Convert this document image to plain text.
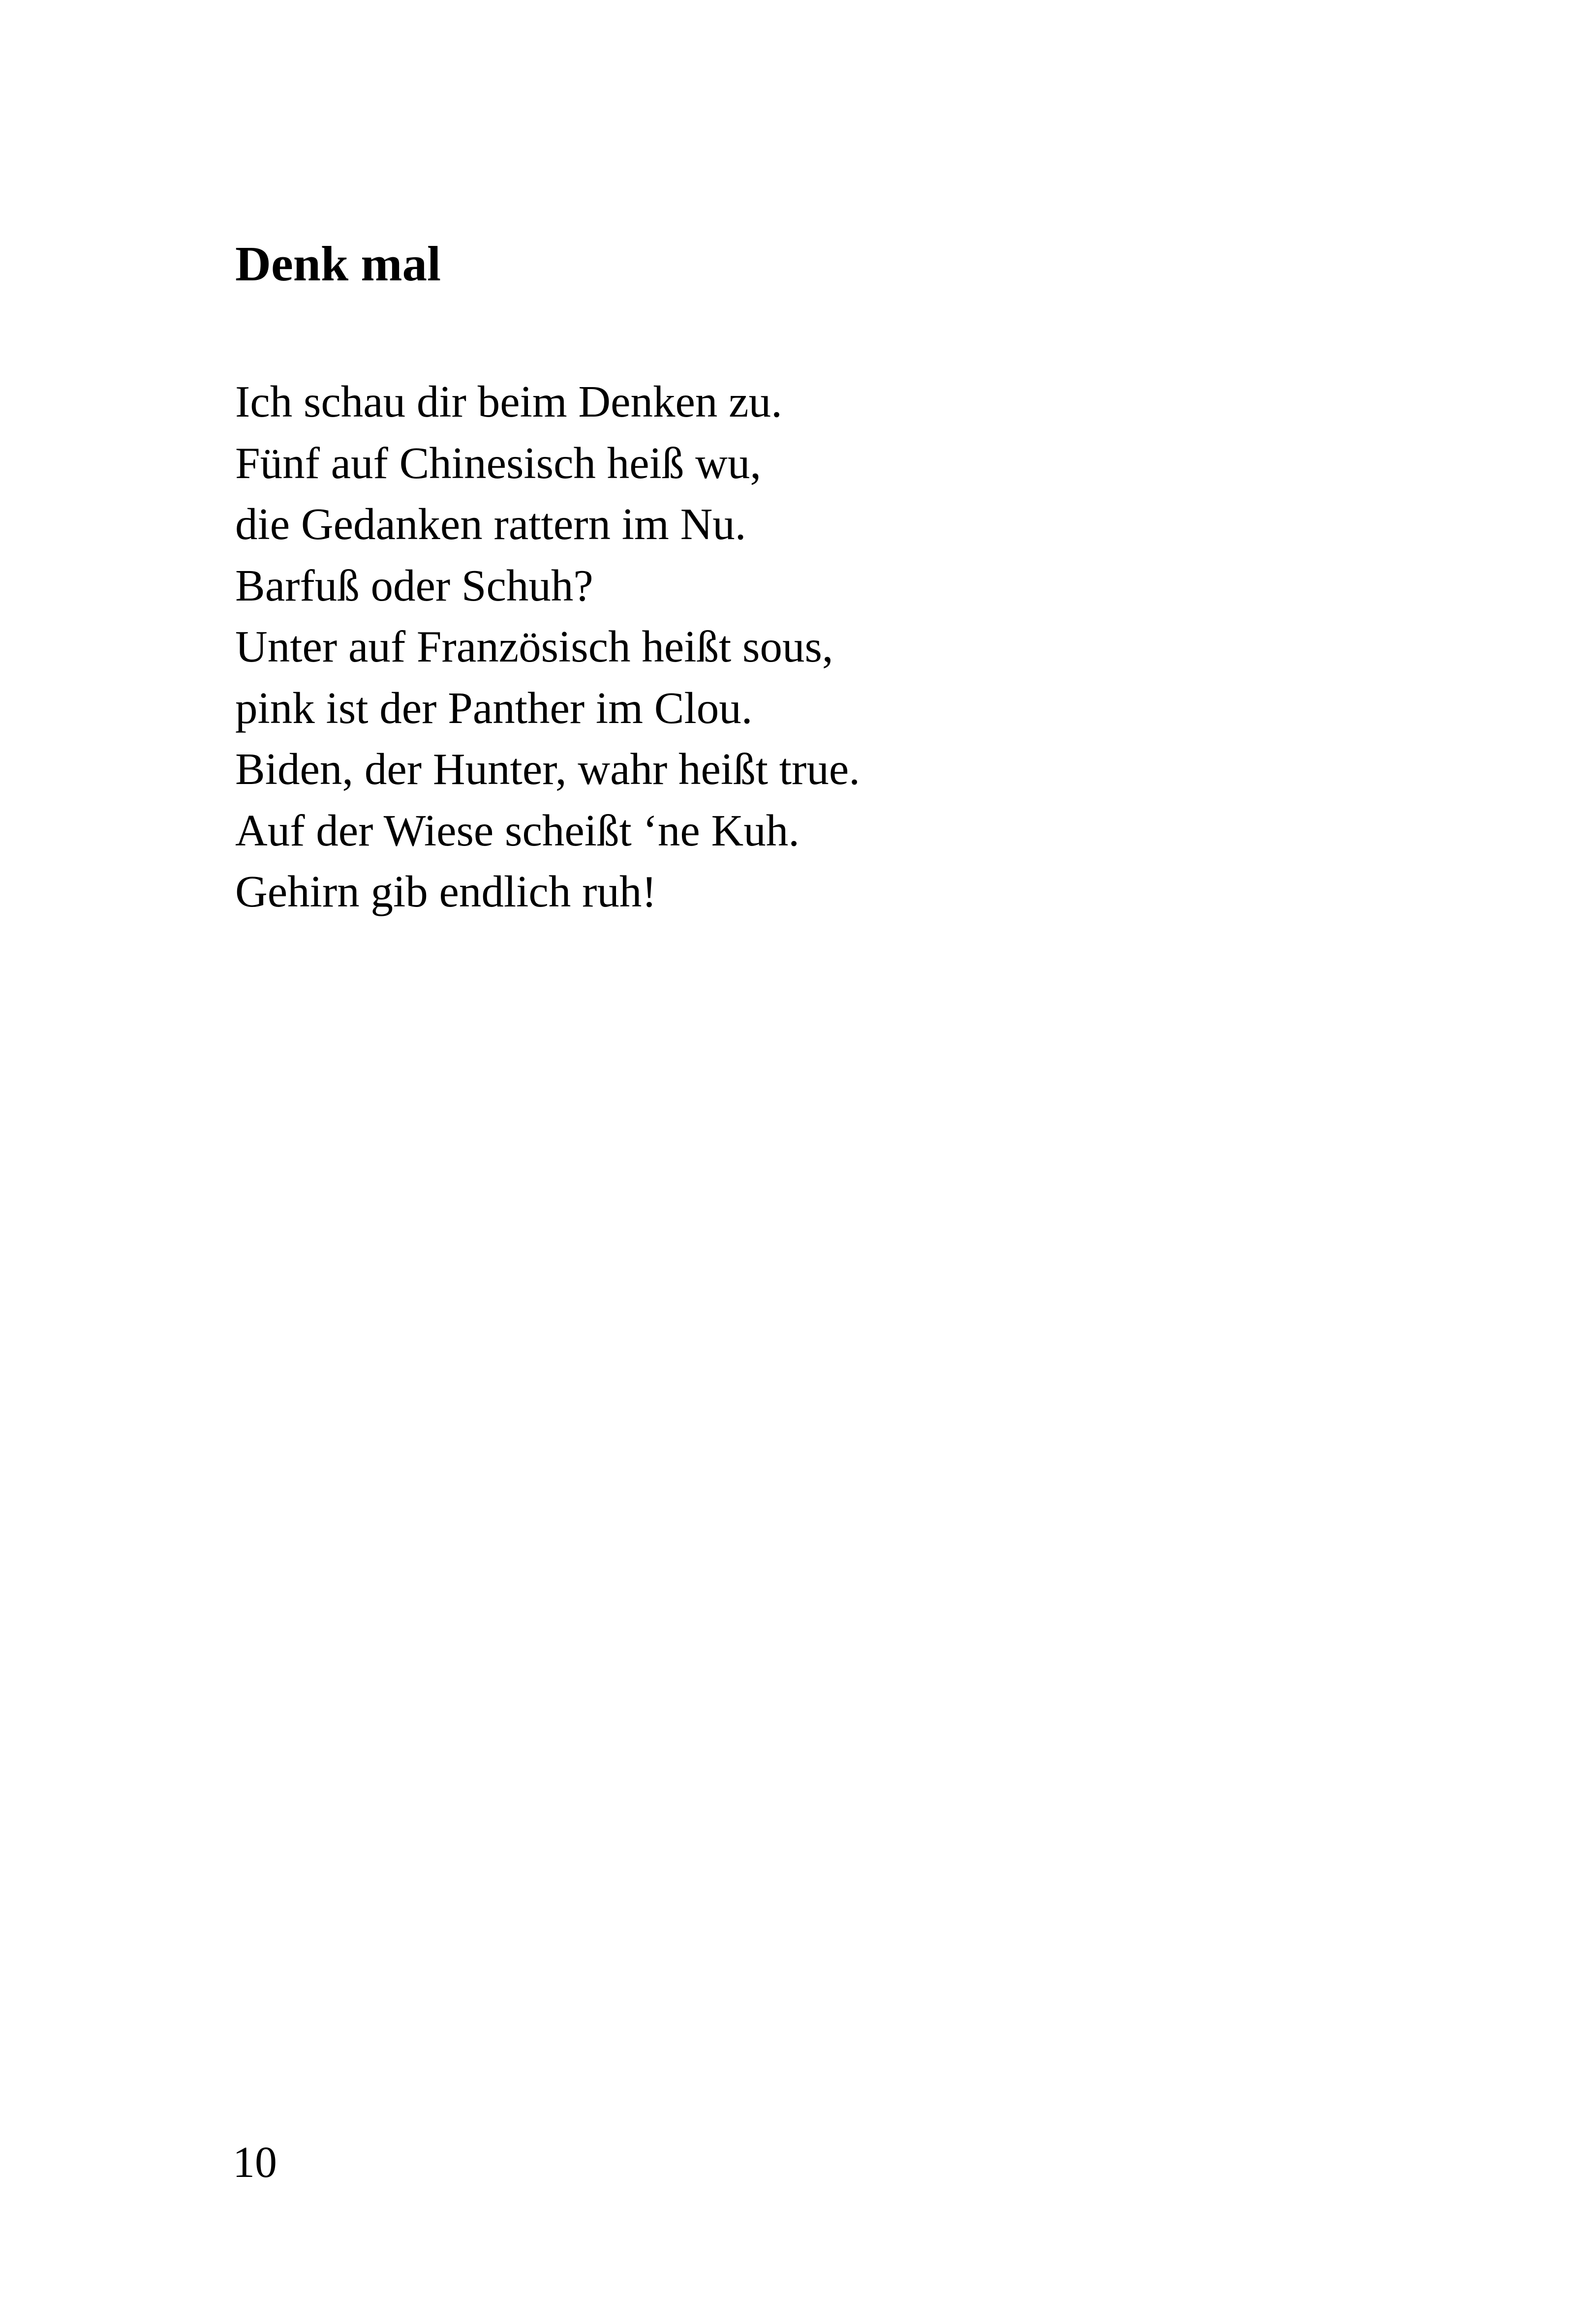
Denk mal
Ich schau dir beim Denken zu.
Fünf auf Chinesisch heiß wu,
die Gedanken rattern im Nu.
Barfuß oder Schuh?
Unter auf Französisch heißt sous,
pink ist der Panther im Clou.
Biden, der Hunter, wahr heißt true.
Auf der Wiese scheißt ‘ne Kuh.
Gehirn gib endlich ruh!
10
